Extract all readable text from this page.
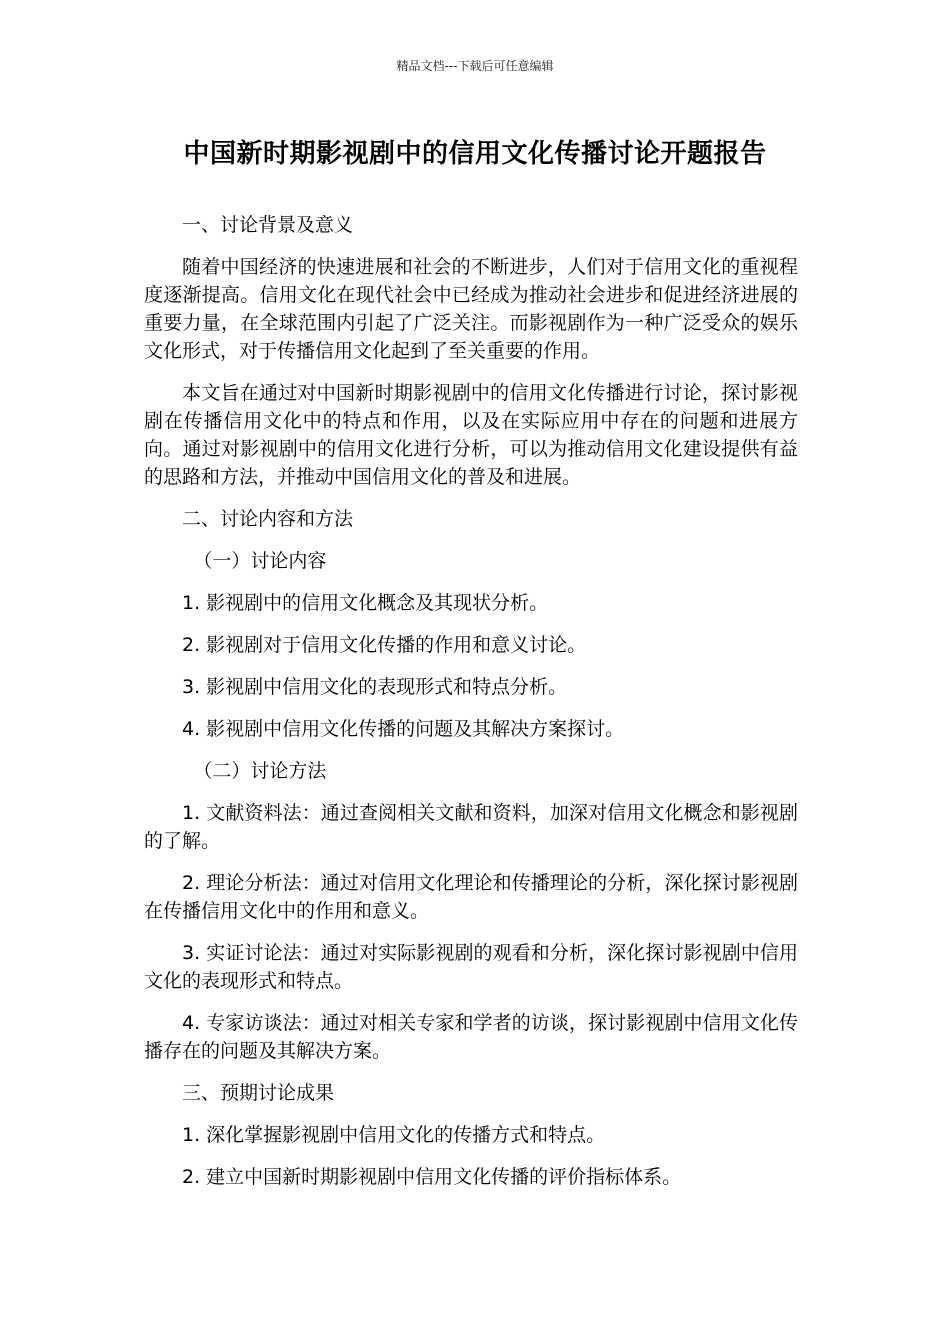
精品文档---下载后可任意编辑
中国新时期影视剧中的信用文化传播讨论开题报告

一、讨论背景及意义

随着中国经济的快速进展和社会的不断进步，人们对于信用文化的重视程度逐渐提高。信用文化在现代社会中已经成为推动社会进步和促进经济进展的重要力量，在全球范围内引起了广泛关注。而影视剧作为一种广泛受众的娱乐文化形式，对于传播信用文化起到了至关重要的作用。

本文旨在通过对中国新时期影视剧中的信用文化传播进行讨论，探讨影视剧在传播信用文化中的特点和作用，以及在实际应用中存在的问题和进展方向。通过对影视剧中的信用文化进行分析，可以为推动信用文化建设提供有益的思路和方法，并推动中国信用文化的普及和进展。

二、讨论内容和方法

（一）讨论内容

1. 影视剧中的信用文化概念及其现状分析。

2. 影视剧对于信用文化传播的作用和意义讨论。

3. 影视剧中信用文化的表现形式和特点分析。

4. 影视剧中信用文化传播的问题及其解决方案探讨。

（二）讨论方法

1. 文献资料法：通过查阅相关文献和资料，加深对信用文化概念和影视剧的了解。

2. 理论分析法：通过对信用文化理论和传播理论的分析，深化探讨影视剧在传播信用文化中的作用和意义。

3. 实证讨论法：通过对实际影视剧的观看和分析，深化探讨影视剧中信用文化的表现形式和特点。

4. 专家访谈法：通过对相关专家和学者的访谈，探讨影视剧中信用文化传播存在的问题及其解决方案。

三、预期讨论成果

1. 深化掌握影视剧中信用文化的传播方式和特点。

2. 建立中国新时期影视剧中信用文化传播的评价指标体系。
